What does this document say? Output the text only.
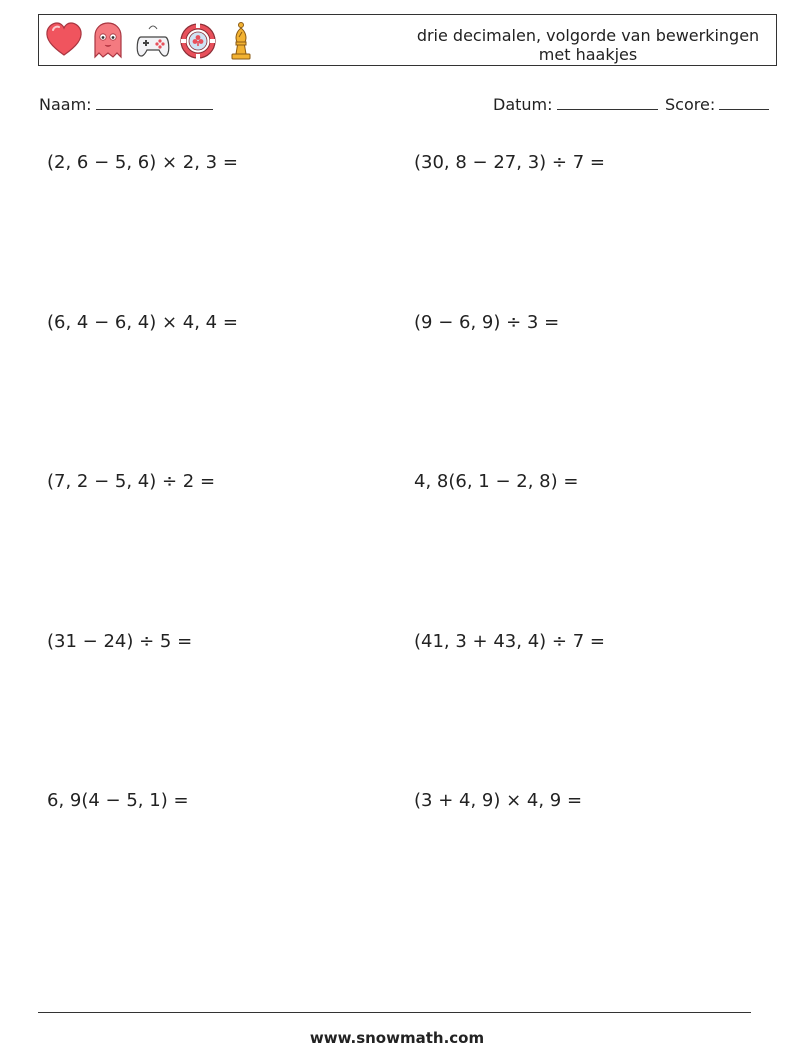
drie decimalen, volgorde van bewerkingen met haakjes
Naam:	Datum:	Score:
(2, 6 − 5, 6) × 2, 3 =	(30, 8 − 27, 3) ÷ 7 =
(6, 4 − 6, 4) × 4, 4 =	(9 − 6, 9) ÷ 3 =
(7, 2 − 5, 4) ÷ 2 =	4, 8(6, 1 − 2, 8) =
(31 − 24) ÷ 5 =	(41, 3 + 43, 4) ÷ 7 =
6, 9(4 − 5, 1) =	(3 + 4, 9) × 4, 9 =
www.snowmath.com
